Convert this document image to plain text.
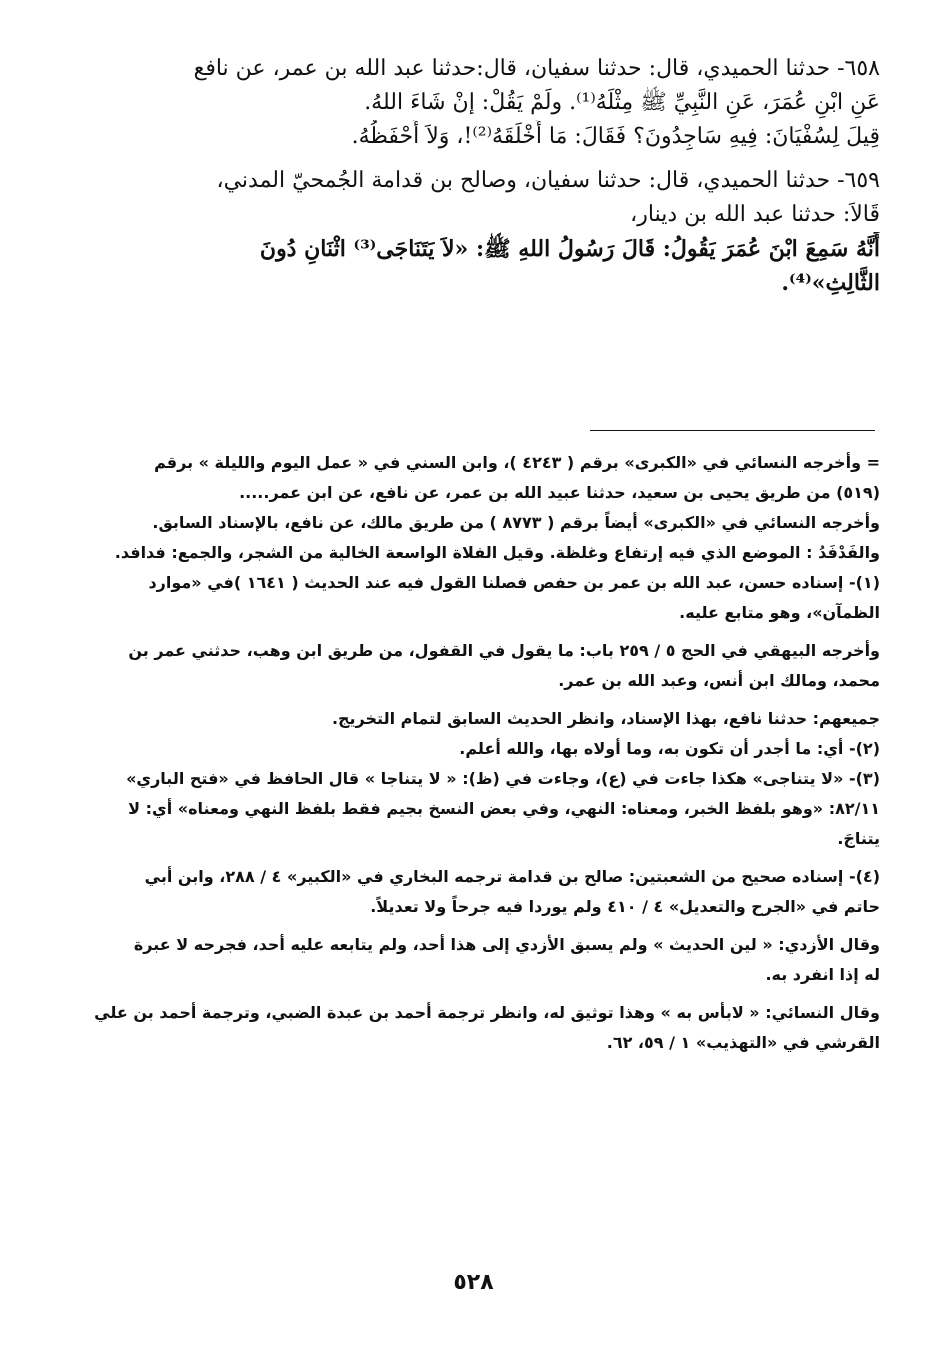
٦٥٨- حدثنا الحميدي، قال: حدثنا سفيان، قال:حدثنا عبد الله بن عمر، عن نافع
عَنِ ابْنِ عُمَرَ، عَنِ النَّبِيِّ ﷺ مِثْلَهُ⁽¹⁾. ولَمْ يَقُلْ: إنْ شَاءَ اللهُ.
قِيلَ لِسُفْيَانَ: فِيهِ سَاجِدُونَ؟ فَقَالَ: مَا أَخْلَقَهُ⁽²⁾!، وَلاَ أَحْفَظُهُ.
٦٥٩- حدثنا الحميدي، قال: حدثنا سفيان، وصالح بن قدامة الجُمحيّ المدني،
قَالاَ: حدثنا عبد الله بن دينار،
أَنَّهُ سَمِعَ ابْنَ عُمَرَ يَقُولُ: قَالَ رَسُولُ اللهِ ﷺ: «لاَ يَتَنَاجَى⁽³⁾ اثْنَانِ دُونَ
الثَّالِثِ»⁽⁴⁾.
= وأخرجه النسائي في «الكبرى» برقم ( ٤٢٤٣ )، وابن السني في « عمل اليوم والليلة » برقم
(٥١٩) من طريق يحيى بن سعيد، حدثنا عبيد الله بن عمر، عن نافع، عن ابن عمر.....
وأخرجه النسائي في «الكبرى» أيضاً برقم ( ٨٧٧٣ ) من طريق مالك، عن نافع، بالإسناد السابق.
والفَدْفَدُ : الموضع الذي فيه إرتفاع وغلظة. وقيل الفلاة الواسعة الخالية من الشجر، والجمع: فدافد.
(١)- إسناده حسن، عبد الله بن عمر بن حفص فصلنا القول فيه عند الحديث ( ١٦٤١ )في «موارد
الظمآن»، وهو متابع عليه.
وأخرجه البيهقي في الحج ٥ / ٢٥٩ باب: ما يقول في القفول، من طريق ابن وهب، حدثني عمر بن
محمد، ومالك ابن أنس، وعبد الله بن عمر.
جميعهم: حدثنا نافع، بهذا الإسناد، وانظر الحديث السابق لتمام التخريج.
(٢)- أي: ما أجدر أن تكون به، وما أولاه بها، والله أعلم.
(٣)- «لا يتناجى» هكذا جاءت في (ع)، وجاءت في (ظ): « لا يتناجا » قال الحافظ في «فتح الباري»
٨٢/١١: «وهو بلفظ الخبر، ومعناه: النهي، وفي بعض النسخ بجيم فقط بلفظ النهي ومعناه» أي: لا
يتناجَ.
(٤)- إسناده صحيح من الشعبتين: صالح بن قدامة ترجمه البخاري في «الكبير» ٤ / ٢٨٨، وابن أبي
حاتم في «الجرح والتعديل» ٤ / ٤١٠ ولم يوردا فيه جرحاً ولا تعديلاً.
وقال الأزدي: « لين الحديث » ولم يسبق الأزدي إلى هذا أحد، ولم يتابعه عليه أحد، فجرحه لا عبرة
له إذا انفرد به.
وقال النسائي: « لابأس به » وهذا توثيق له، وانظر ترجمة أحمد بن عبدة الضبي، وترجمة أحمد بن علي
القرشي في «التهذيب» ١ / ٥٩، ٦٢.
٥٢٨
